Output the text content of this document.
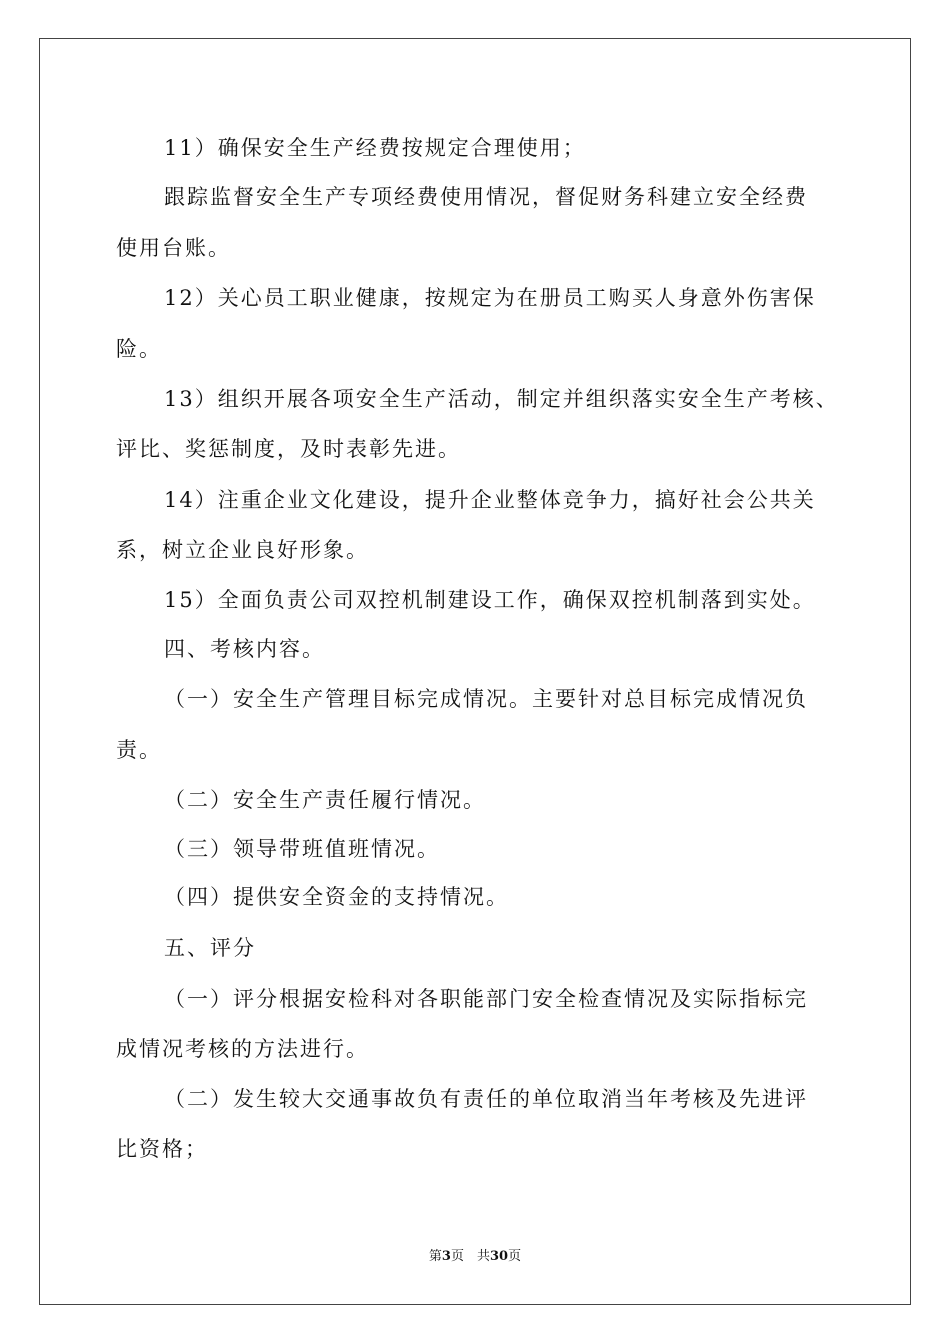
11）确保安全生产经费按规定合理使用；
跟踪监督安全生产专项经费使用情况，督促财务科建立安全经费
使用台账。
12）关心员工职业健康，按规定为在册员工购买人身意外伤害保
险。
13）组织开展各项安全生产活动，制定并组织落实安全生产考核、
评比、奖惩制度，及时表彰先进。
14）注重企业文化建设，提升企业整体竞争力，搞好社会公共关
系，树立企业良好形象。
15）全面负责公司双控机制建设工作，确保双控机制落到实处。
四、考核内容。
（一）安全生产管理目标完成情况。主要针对总目标完成情况负
责。
（二）安全生产责任履行情况。
（三）领导带班值班情况。
（四）提供安全资金的支持情况。
五、评分
（一）评分根据安检科对各职能部门安全检查情况及实际指标完
成情况考核的方法进行。
（二）发生较大交通事故负有责任的单位取消当年考核及先进评
比资格；
第3页　共30页
